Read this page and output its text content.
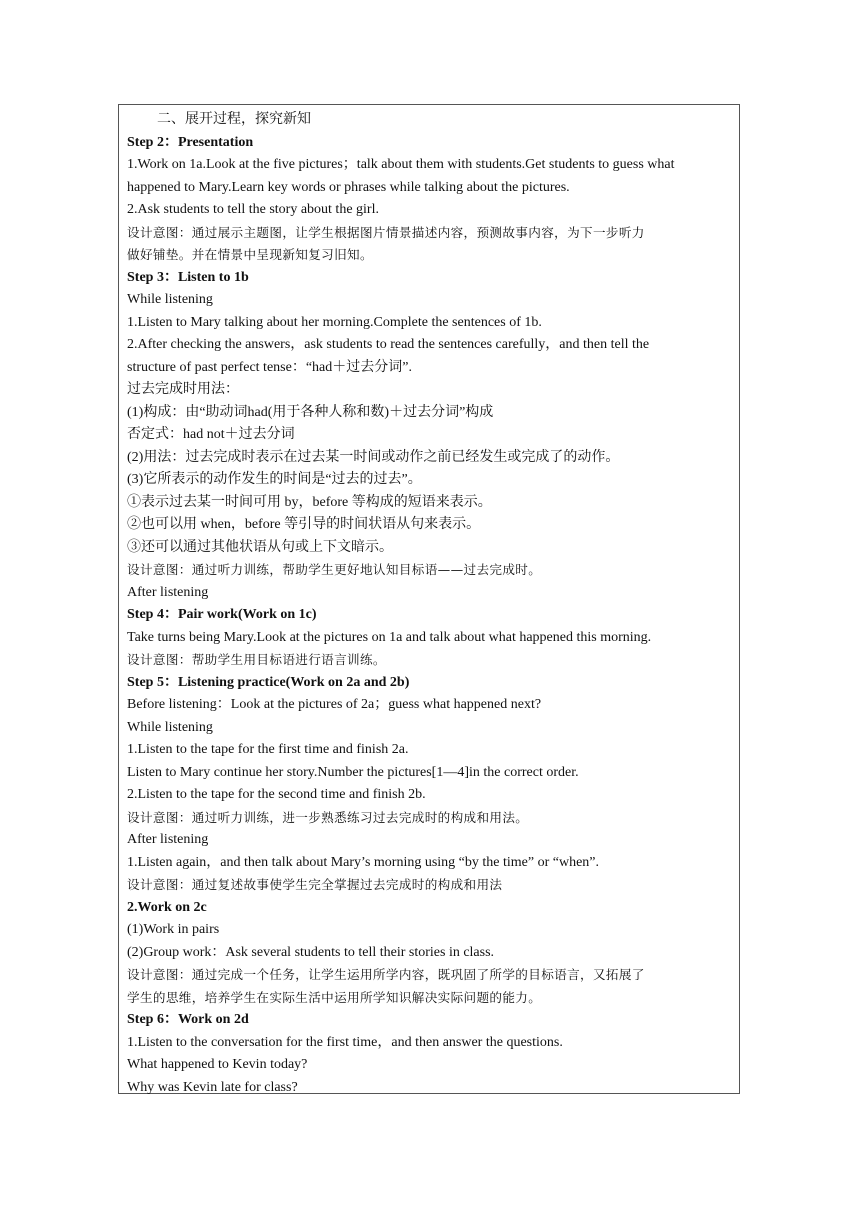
二、展开过程，探究新知
Step 2：Presentation
1.Work on 1a.Look at the five pictures；talk about them with students.Get students to guess what
happened to Mary.Learn key words or phrases while talking about the pictures.
2.Ask students to tell the story about the girl.
设计意图：通过展示主题图，让学生根据图片情景描述内容，预测故事内容，为下一步听力
做好铺垫。并在情景中呈现新知复习旧知。
Step 3：Listen to 1b
While listening
1.Listen to Mary talking about her morning.Complete the sentences of 1b.
2.After checking the answers，ask students to read the sentences carefully，and then tell the
structure of past perfect tense：“had＋过去分词”.
过去完成时用法：
(1)构成：由“助动词had(用于各种人称和数)＋过去分词”构成
否定式：had not＋过去分词
(2)用法：过去完成时表示在过去某一时间或动作之前已经发生或完成了的动作。
(3)它所表示的动作发生的时间是“过去的过去”。
①表示过去某一时间可用 by，before 等构成的短语来表示。
②也可以用 when，before 等引导的时间状语从句来表示。
③还可以通过其他状语从句或上下文暗示。
设计意图：通过听力训练，帮助学生更好地认知目标语——过去完成时。
After listening
Step 4：Pair work(Work on 1c)
Take turns being Mary.Look at the pictures on 1a and talk about what happened this morning.
设计意图：帮助学生用目标语进行语言训练。
Step 5：Listening practice(Work on 2a and 2b)
Before listening：Look at the pictures of 2a；guess what happened next?
While listening
1.Listen to the tape for the first time and finish 2a.
Listen to Mary continue her story.Number the pictures[1—4]in the correct order.
2.Listen to the tape for the second time and finish 2b.
设计意图：通过听力训练，进一步熟悉练习过去完成时的构成和用法。
After listening
1.Listen again，and then talk about Mary’s morning using “by the time” or “when”.
设计意图：通过复述故事使学生完全掌握过去完成时的构成和用法
2.Work on 2c
(1)Work in pairs
(2)Group work：Ask several students to tell their stories in class.
设计意图：通过完成一个任务，让学生运用所学内容，既巩固了所学的目标语言，又拓展了
学生的思维，培养学生在实际生活中运用所学知识解决实际问题的能力。
Step 6：Work on 2d
1.Listen to the conversation for the first time，and then answer the questions.
What happened to Kevin today?
Why was Kevin late for class?
